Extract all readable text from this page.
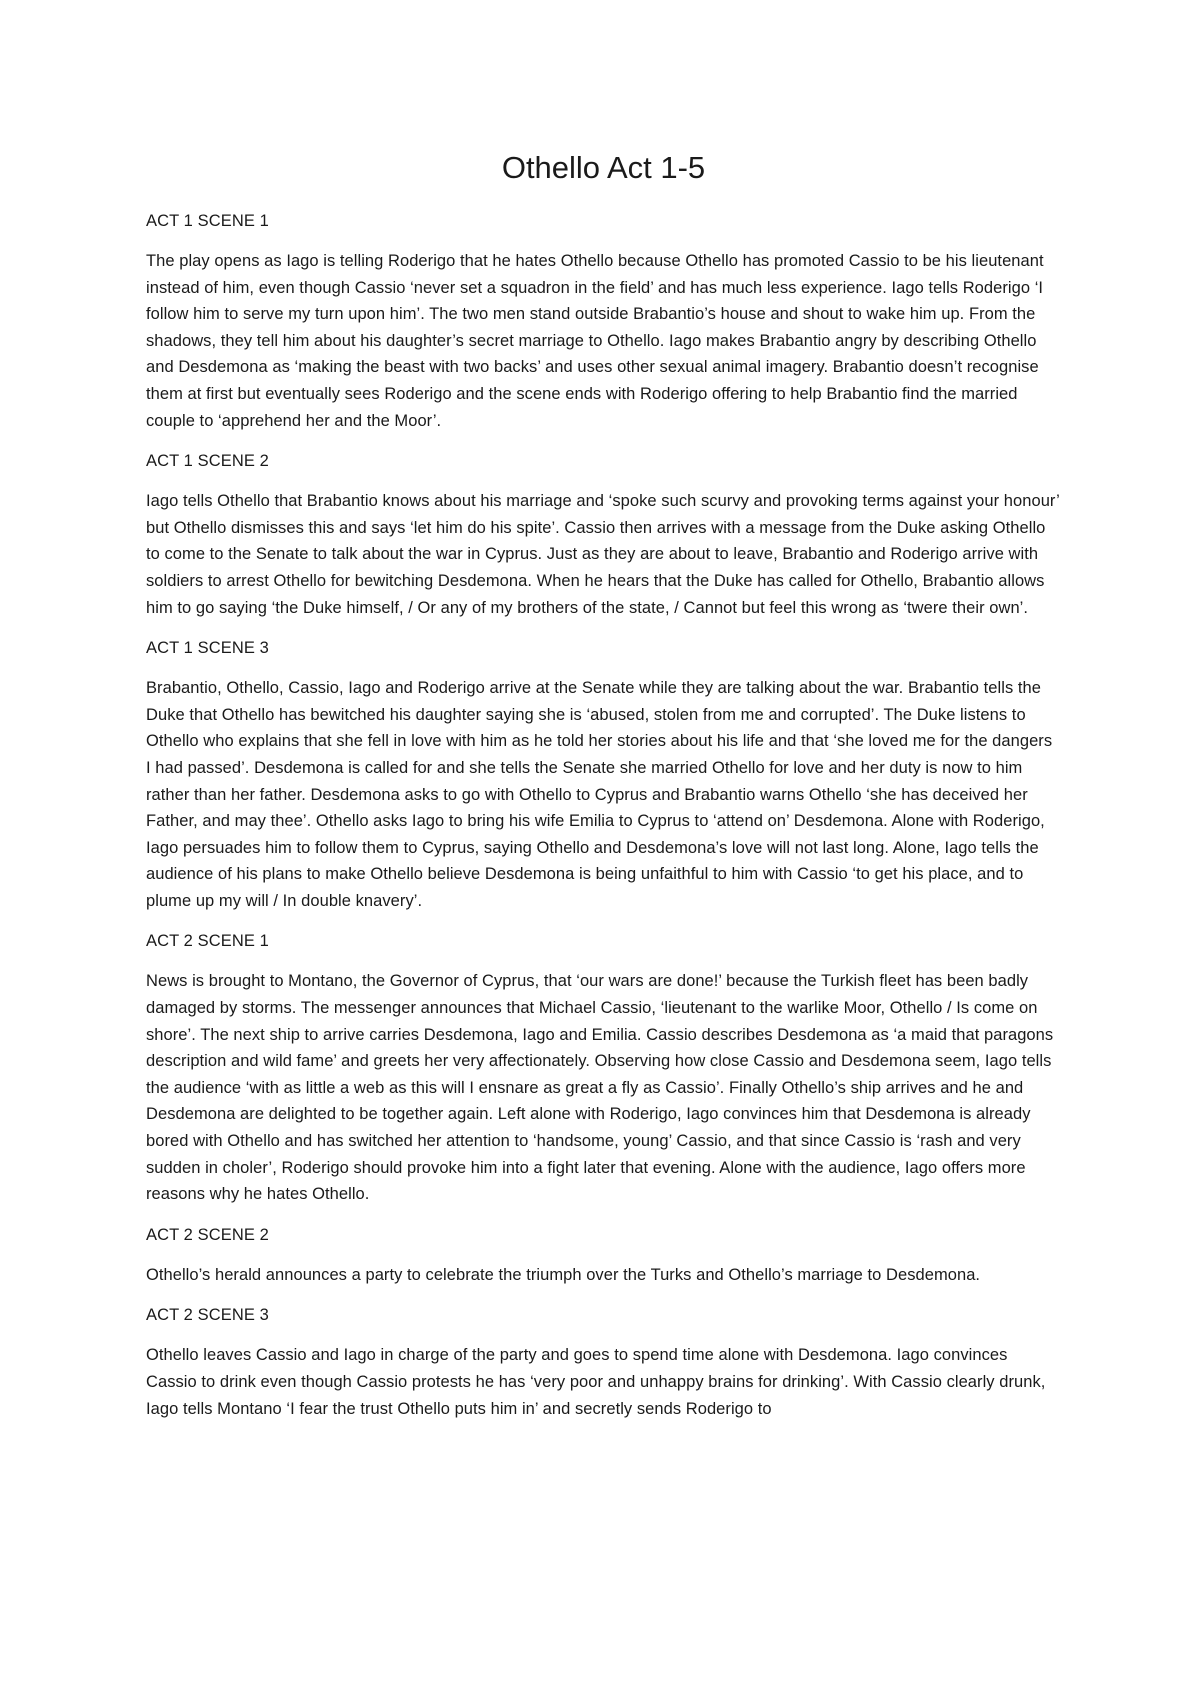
Othello Act 1-5

ACT 1 SCENE 1

The play opens as Iago is telling Roderigo that he hates Othello because Othello has promoted Cassio to be his lieutenant instead of him, even though Cassio ‘never set a squadron in the field’ and has much less experience. Iago tells Roderigo ‘I follow him to serve my turn upon him’. The two men stand outside Brabantio’s house and shout to wake him up. From the shadows, they tell him about his daughter’s secret marriage to Othello. Iago makes Brabantio angry by describing Othello and Desdemona as ‘making the beast with two backs’ and uses other sexual animal imagery. Brabantio doesn’t recognise them at first but eventually sees Roderigo and the scene ends with Roderigo offering to help Brabantio find the married couple to ‘apprehend her and the Moor’.

ACT 1 SCENE 2

Iago tells Othello that Brabantio knows about his marriage and ‘spoke such scurvy and provoking terms against your honour’ but Othello dismisses this and says ‘let him do his spite’. Cassio then arrives with a message from the Duke asking Othello to come to the Senate to talk about the war in Cyprus. Just as they are about to leave, Brabantio and Roderigo arrive with soldiers to arrest Othello for bewitching Desdemona. When he hears that the Duke has called for Othello, Brabantio allows him to go saying ‘the Duke himself, / Or any of my brothers of the state, / Cannot but feel this wrong as ‘twere their own’.

ACT 1 SCENE 3

Brabantio, Othello, Cassio, Iago and Roderigo arrive at the Senate while they are talking about the war. Brabantio tells the Duke that Othello has bewitched his daughter saying she is ‘abused, stolen from me and corrupted’. The Duke listens to Othello who explains that she fell in love with him as he told her stories about his life and that ‘she loved me for the dangers I had passed’. Desdemona is called for and she tells the Senate she married Othello for love and her duty is now to him rather than her father. Desdemona asks to go with Othello to Cyprus and Brabantio warns Othello ‘she has deceived her Father, and may thee’. Othello asks Iago to bring his wife Emilia to Cyprus to ‘attend on’ Desdemona. Alone with Roderigo, Iago persuades him to follow them to Cyprus, saying Othello and Desdemona’s love will not last long. Alone, Iago tells the audience of his plans to make Othello believe Desdemona is being unfaithful to him with Cassio ‘to get his place, and to plume up my will / In double knavery’.

ACT 2 SCENE 1

News is brought to Montano, the Governor of Cyprus, that ‘our wars are done!’ because the Turkish fleet has been badly damaged by storms. The messenger announces that Michael Cassio, ‘lieutenant to the warlike Moor, Othello / Is come on shore’. The next ship to arrive carries Desdemona, Iago and Emilia. Cassio describes Desdemona as ‘a maid that paragons description and wild fame’ and greets her very affectionately. Observing how close Cassio and Desdemona seem, Iago tells the audience ‘with as little a web as this will I ensnare as great a fly as Cassio’. Finally Othello’s ship arrives and he and Desdemona are delighted to be together again. Left alone with Roderigo, Iago convinces him that Desdemona is already bored with Othello and has switched her attention to ‘handsome, young’ Cassio, and that since Cassio is ‘rash and very sudden in choler’, Roderigo should provoke him into a fight later that evening. Alone with the audience, Iago offers more reasons why he hates Othello.

ACT 2 SCENE 2

Othello’s herald announces a party to celebrate the triumph over the Turks and Othello’s marriage to Desdemona.

ACT 2 SCENE 3

Othello leaves Cassio and Iago in charge of the party and goes to spend time alone with Desdemona. Iago convinces Cassio to drink even though Cassio protests he has ‘very poor and unhappy brains for drinking’. With Cassio clearly drunk, Iago tells Montano ‘I fear the trust Othello puts him in’ and secretly sends Roderigo to
